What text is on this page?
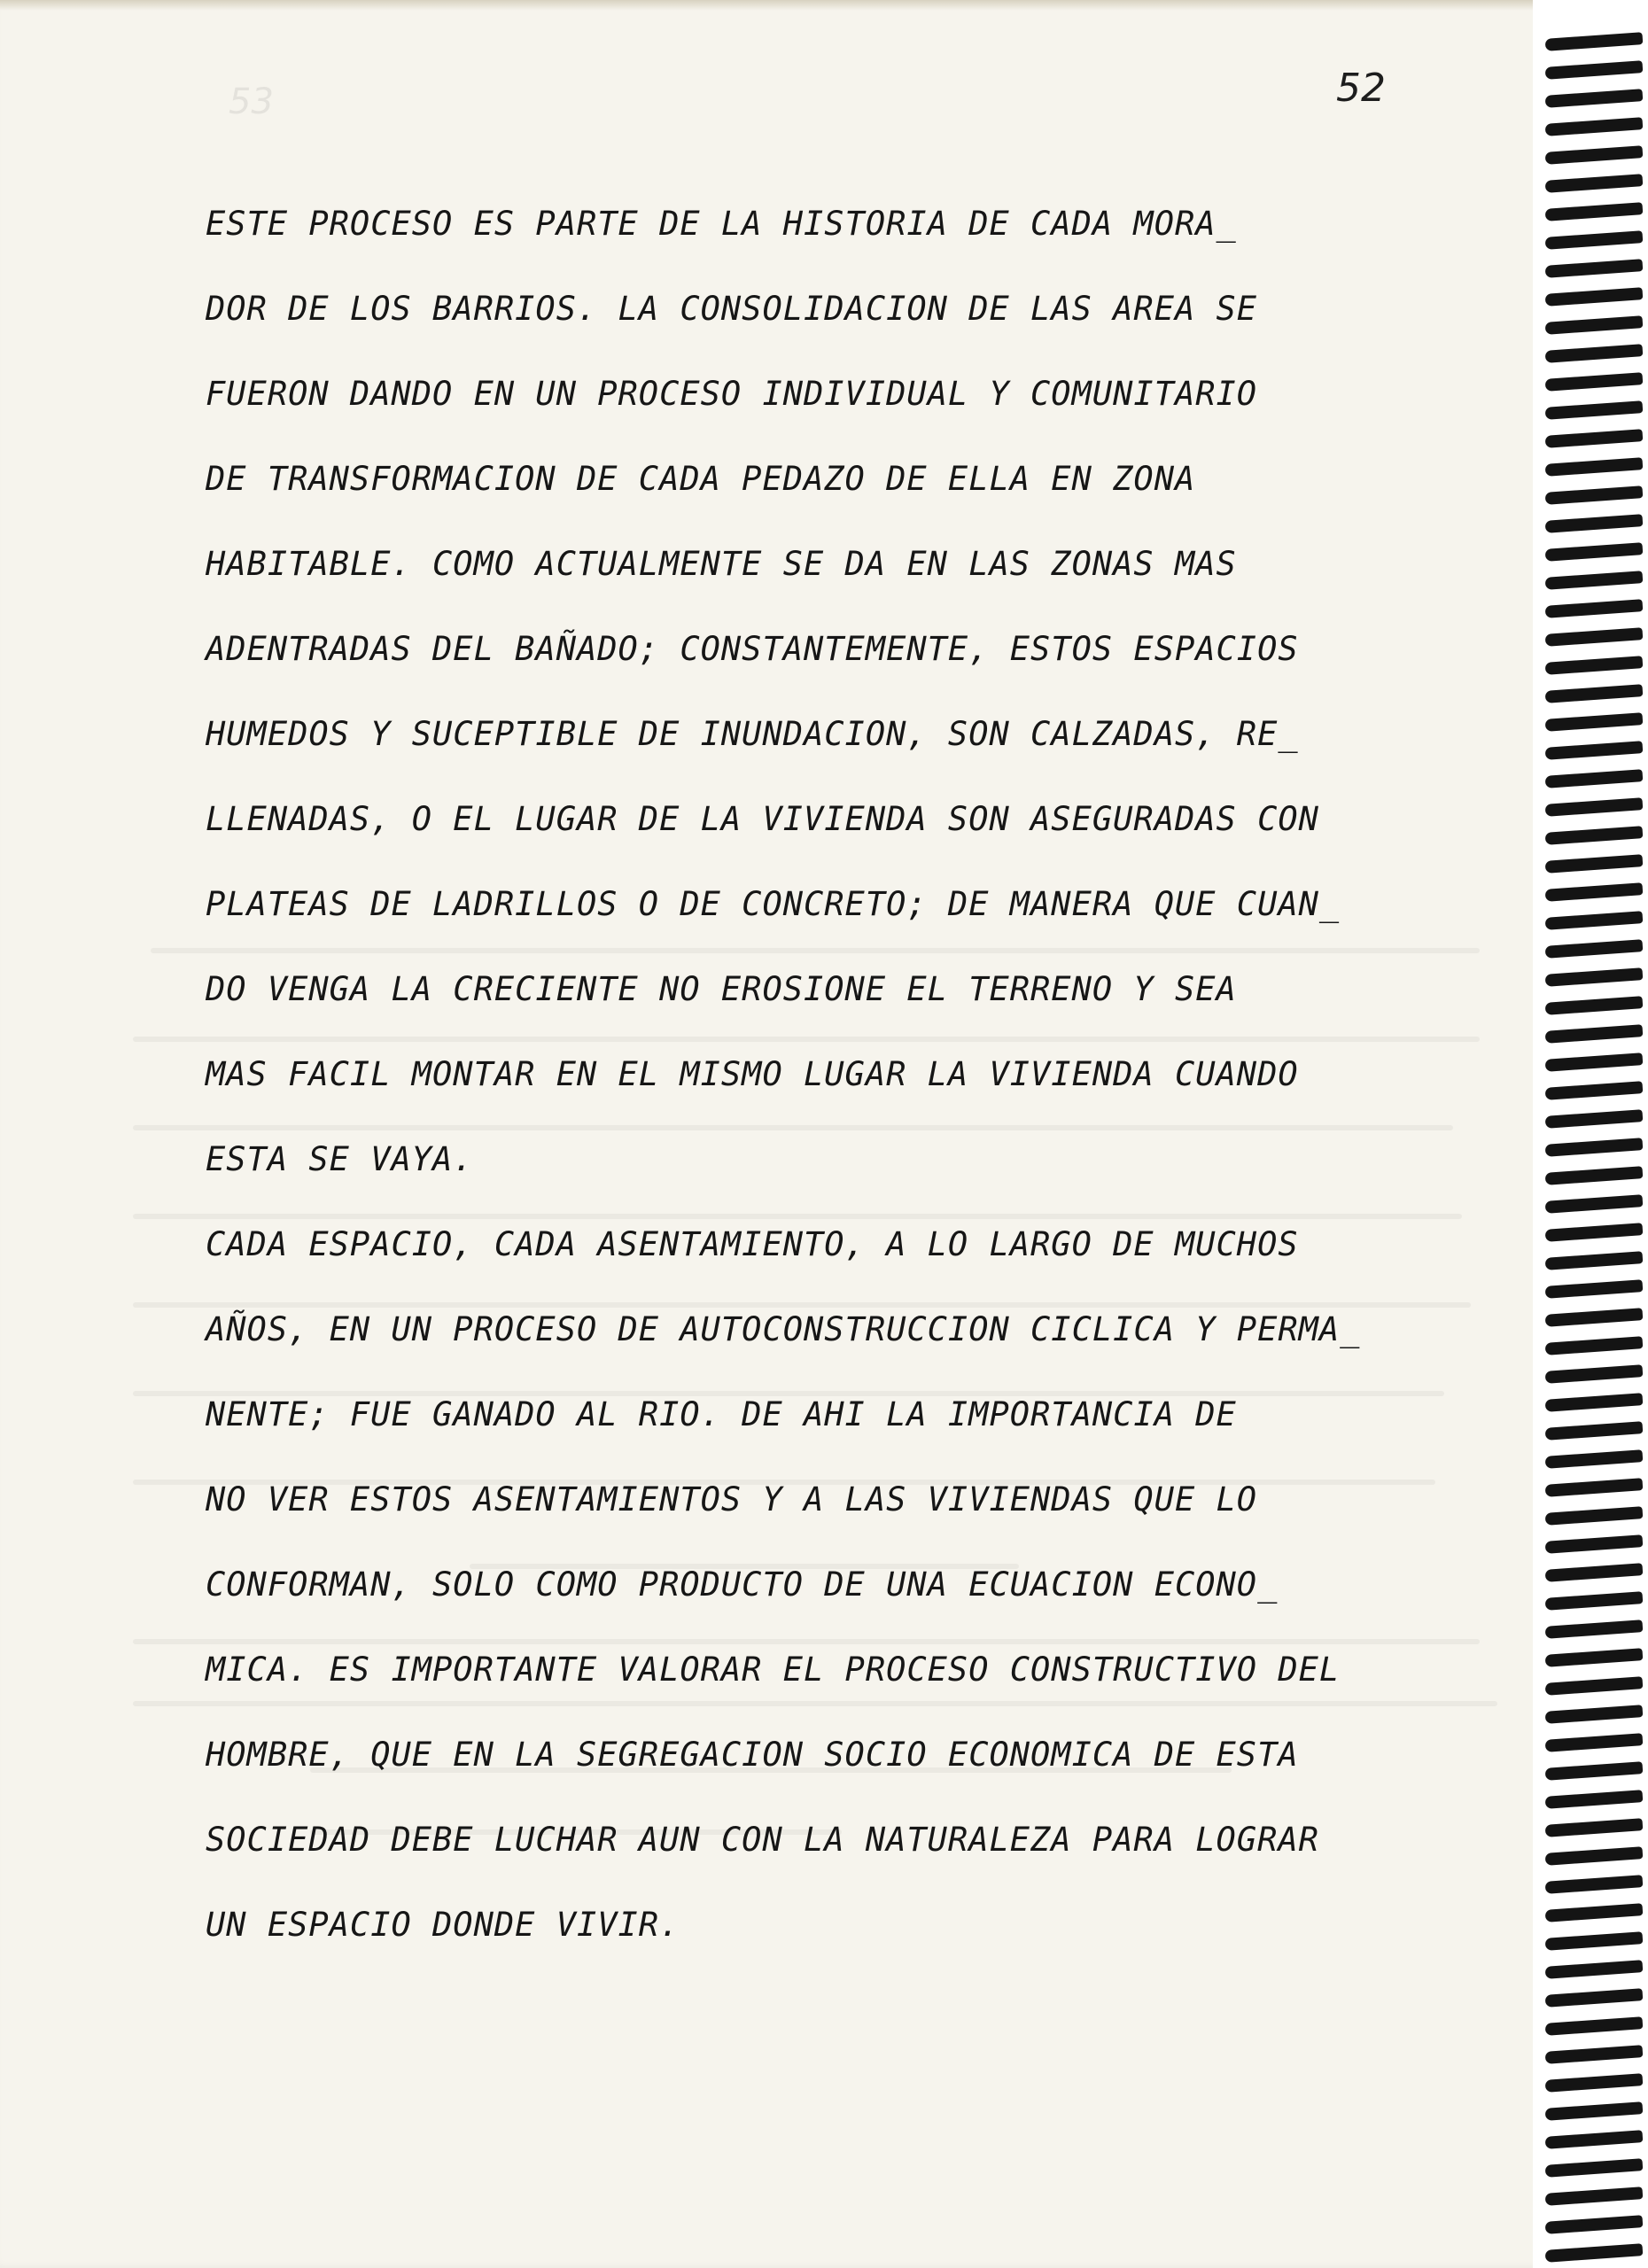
53	52

ESTE PROCESO ES PARTE DE LA HISTORIA DE CADA MORA_
DOR DE LOS BARRIOS. LA CONSOLIDACION DE LAS AREA SE
FUERON DANDO EN UN PROCESO INDIVIDUAL Y COMUNITARIO
DE TRANSFORMACION DE CADA PEDAZO DE ELLA EN ZONA
HABITABLE. COMO ACTUALMENTE SE DA EN LAS ZONAS MAS
ADENTRADAS DEL BAÑADO; CONSTANTEMENTE, ESTOS ESPACIOS
HUMEDOS Y SUCEPTIBLE DE INUNDACION, SON CALZADAS, RE_
LLENADAS, O EL LUGAR DE LA VIVIENDA SON ASEGURADAS CON
PLATEAS DE LADRILLOS O DE CONCRETO; DE MANERA QUE CUAN_
DO VENGA LA CRECIENTE NO EROSIONE EL TERRENO Y SEA
MAS FACIL MONTAR EN EL MISMO LUGAR LA VIVIENDA CUANDO
ESTA SE VAYA.
CADA ESPACIO, CADA ASENTAMIENTO, A LO LARGO DE MUCHOS
AÑOS, EN UN PROCESO DE AUTOCONSTRUCCION CICLICA Y PERMA_
NENTE; FUE GANADO AL RIO. DE AHI LA IMPORTANCIA DE
NO VER ESTOS ASENTAMIENTOS Y A LAS VIVIENDAS QUE LO
CONFORMAN, SOLO COMO PRODUCTO DE UNA ECUACION ECONO_
MICA. ES IMPORTANTE VALORAR EL PROCESO CONSTRUCTIVO DEL
HOMBRE, QUE EN LA SEGREGACION SOCIO ECONOMICA DE ESTA
SOCIEDAD DEBE LUCHAR AUN CON LA NATURALEZA PARA LOGRAR
UN ESPACIO DONDE VIVIR.
